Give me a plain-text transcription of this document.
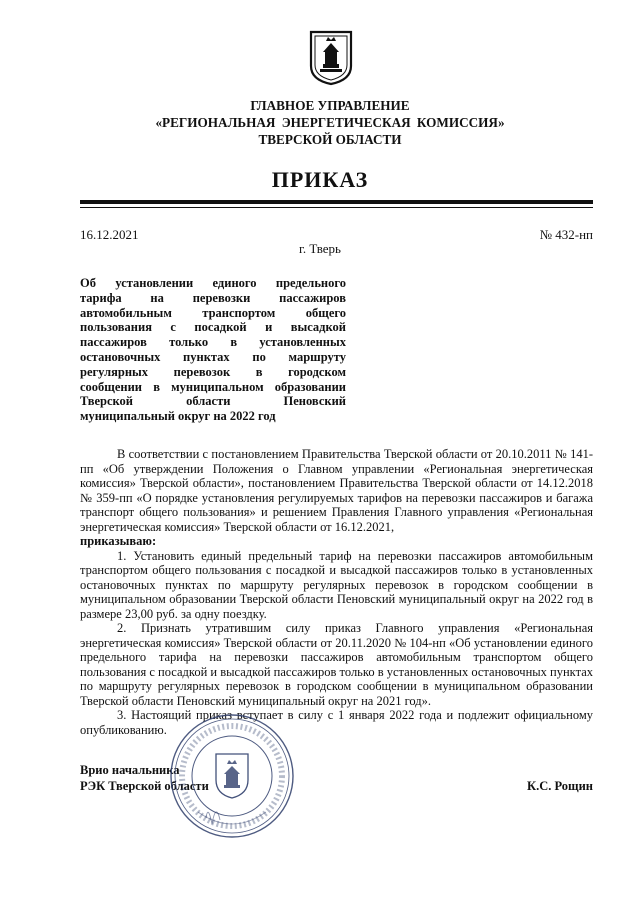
ГЛАВНОЕ УПРАВЛЕНИЕ
«РЕГИОНАЛЬНАЯ ЭНЕРГЕТИЧЕСКАЯ КОМИССИЯ»
ТВЕРСКОЙ ОБЛАСТИ
ПРИКАЗ
16.12.2021	№ 432-нп
г. Тверь
Об установлении единого предельного
тарифа на перевозки пассажиров
автомобильным транспортом общего
пользования с посадкой и высадкой
пассажиров только в установленных
остановочных пунктах по маршруту
регулярных перевозок в городском
сообщении в муниципальном образовании
Тверской области Пеновский
муниципальный округ на 2022 год

В соответствии с постановлением Правительства Тверской области от 20.10.2011 № 141-пп «Об утверждении Положения о Главном управлении «Региональная энергетическая комиссия» Тверской области», постановлением Правительства Тверской области от 14.12.2018 № 359-пп «О порядке установления регулируемых тарифов на перевозки пассажиров и багажа транспорт общего пользования» и решением Правления Главного управления «Региональная энергетическая комиссия» Тверской области от 16.12.2021,

приказываю:

1. Установить единый предельный тариф на перевозки пассажиров автомобильным транспортом общего пользования с посадкой и высадкой пассажиров только в установленных остановочных пунктах по маршруту регулярных перевозок в городском сообщении в муниципальном образовании Тверской области Пеновский муниципальный округ на 2022 год в размере 23,00 руб. за одну поездку.

2. Признать утратившим силу приказ Главного управления «Региональная энергетическая комиссия» Тверской области от 20.11.2020 № 104-нп «Об установлении единого предельного тарифа на перевозки пассажиров автомобильным транспортом общего пользования с посадкой и высадкой пассажиров только в установленных остановочных пунктах по маршруту регулярных перевозок в городском сообщении в муниципальном образовании Тверской области Пеновский муниципальный округ на 2021 год».

3. Настоящий приказ вступает в силу с 1 января 2022 года и подлежит официальному опубликованию.

Врио начальника
РЭК Тверской области	К.С. Рощин
